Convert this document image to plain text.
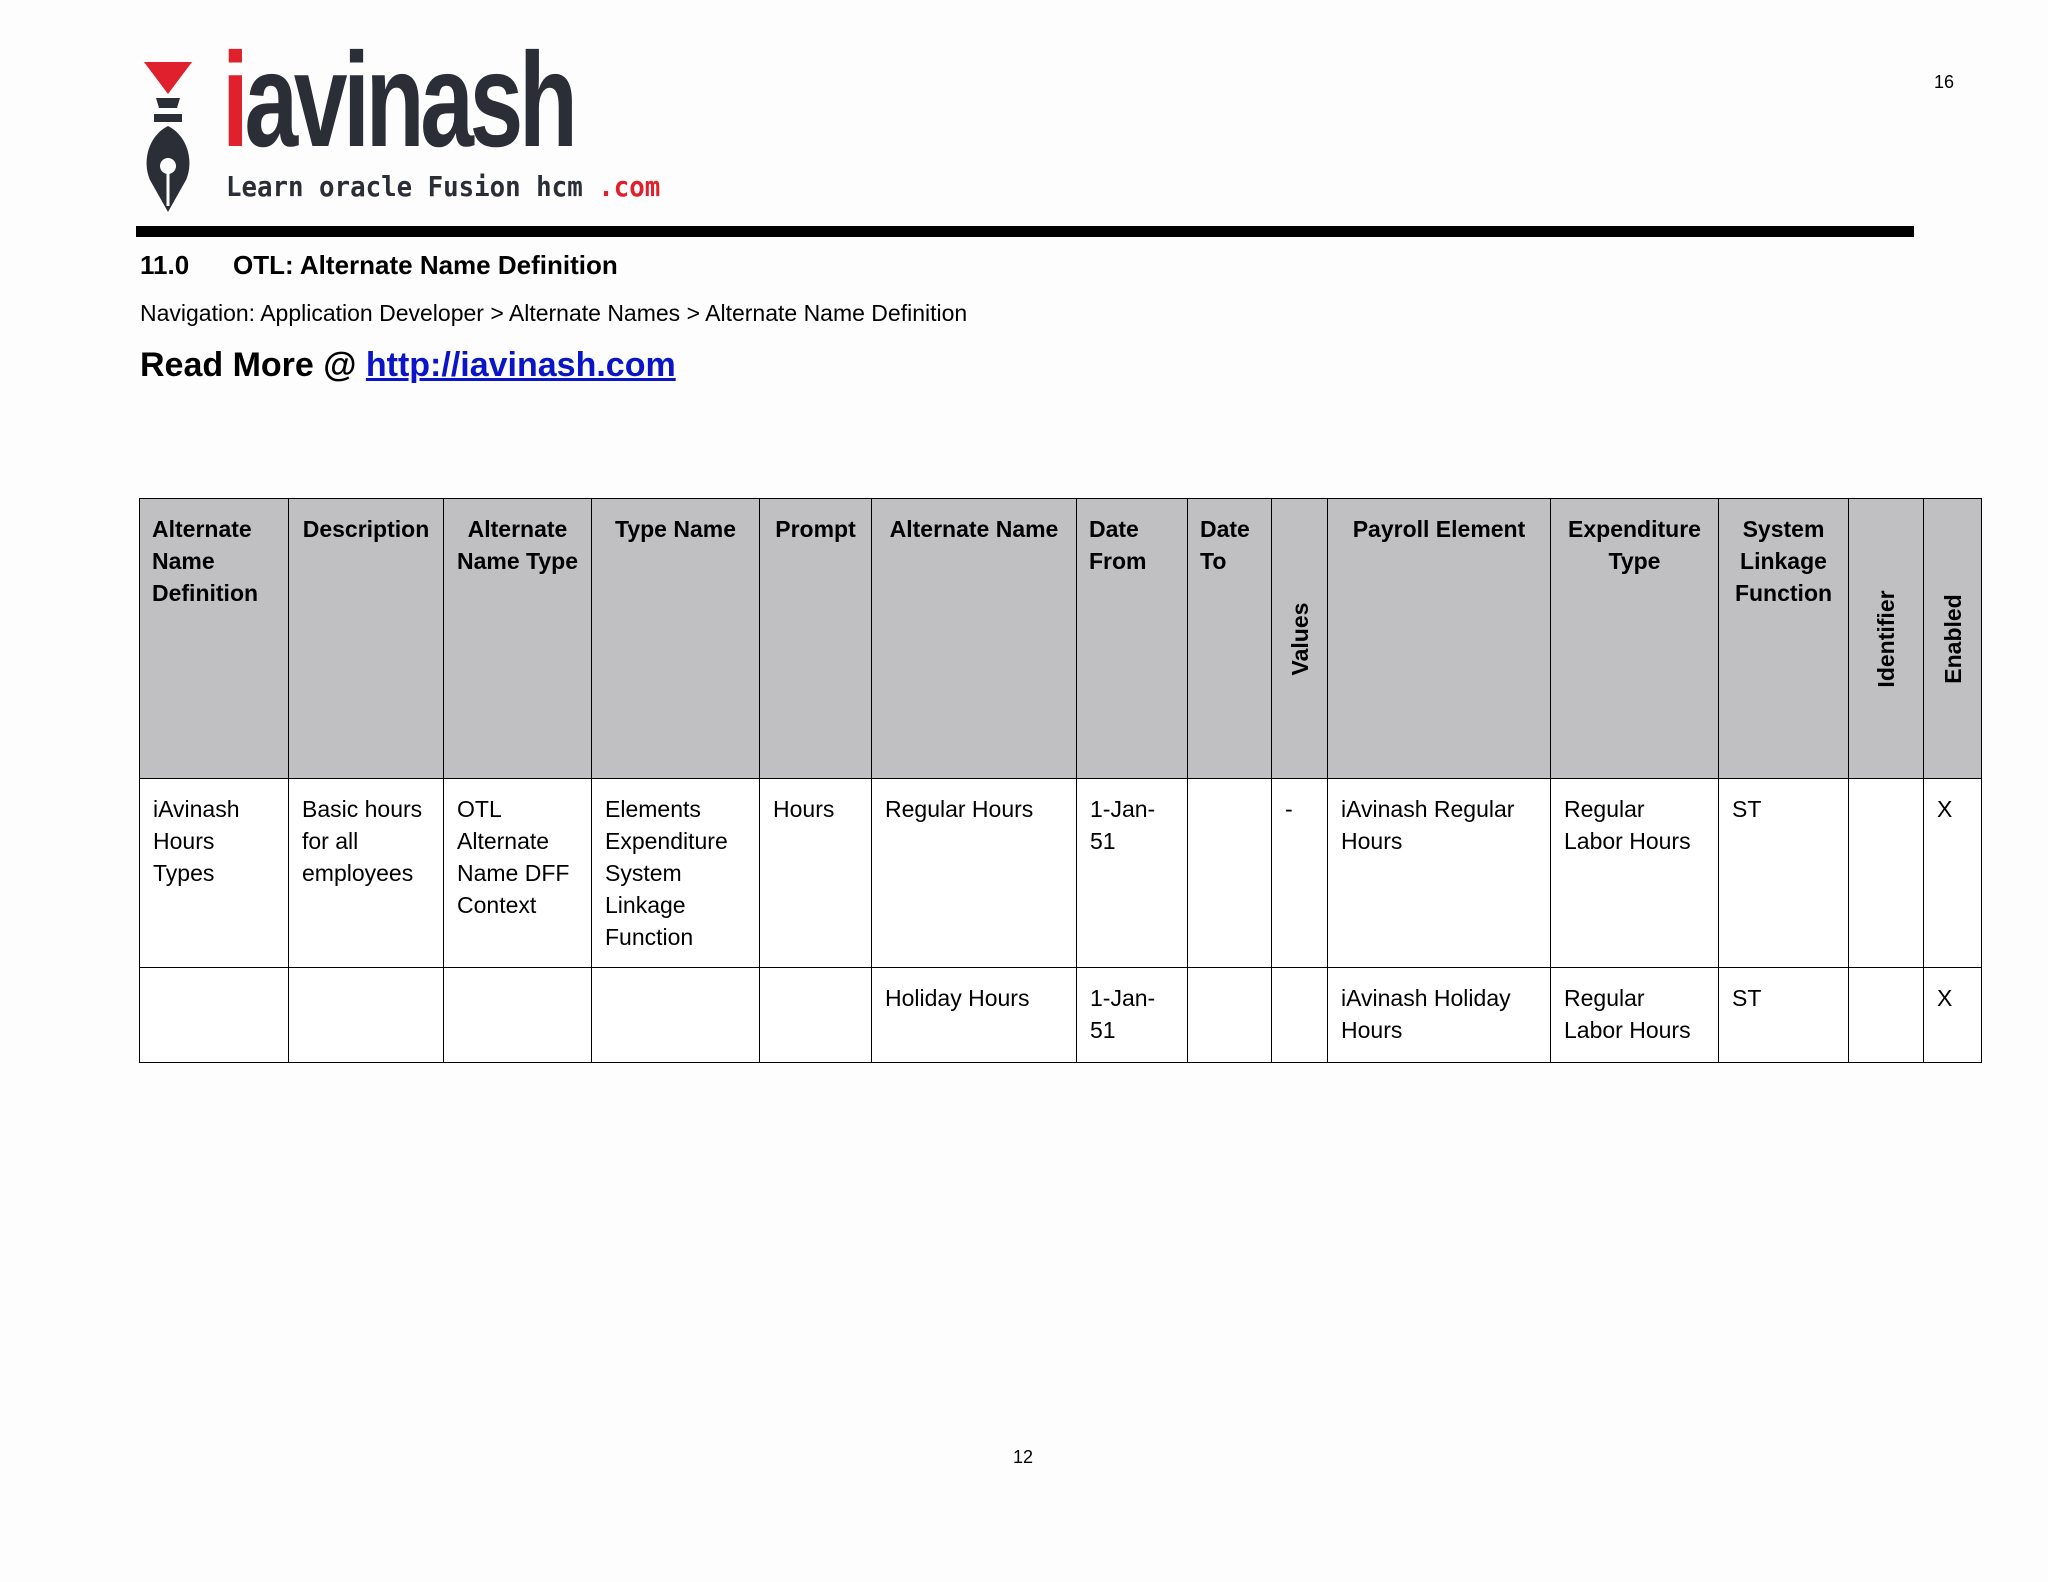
iavinash
Learn oracle Fusion hcm .com
16
11.0 OTL: Alternate Name Definition
Navigation: Application Developer > Alternate Names > Alternate Name Definition
Read More @ http://iavinash.com
Alternate Name Definition	Description	Alternate Name Type	Type Name	Prompt	Alternate Name	Date From	Date To	Values	Payroll Element	Expenditure Type	System Linkage Function	Identifier	Enabled

iAvinash Hours Types	Basic hours for all employees	OTL Alternate Name DFF Context	Elements Expenditure System Linkage Function	Hours	Regular Hours	1-Jan-51		-	iAvinash Regular Hours	Regular Labor Hours	ST		X
					Holiday Hours	1-Jan-51			iAvinash Holiday Hours	Regular Labor Hours	ST		X
12
